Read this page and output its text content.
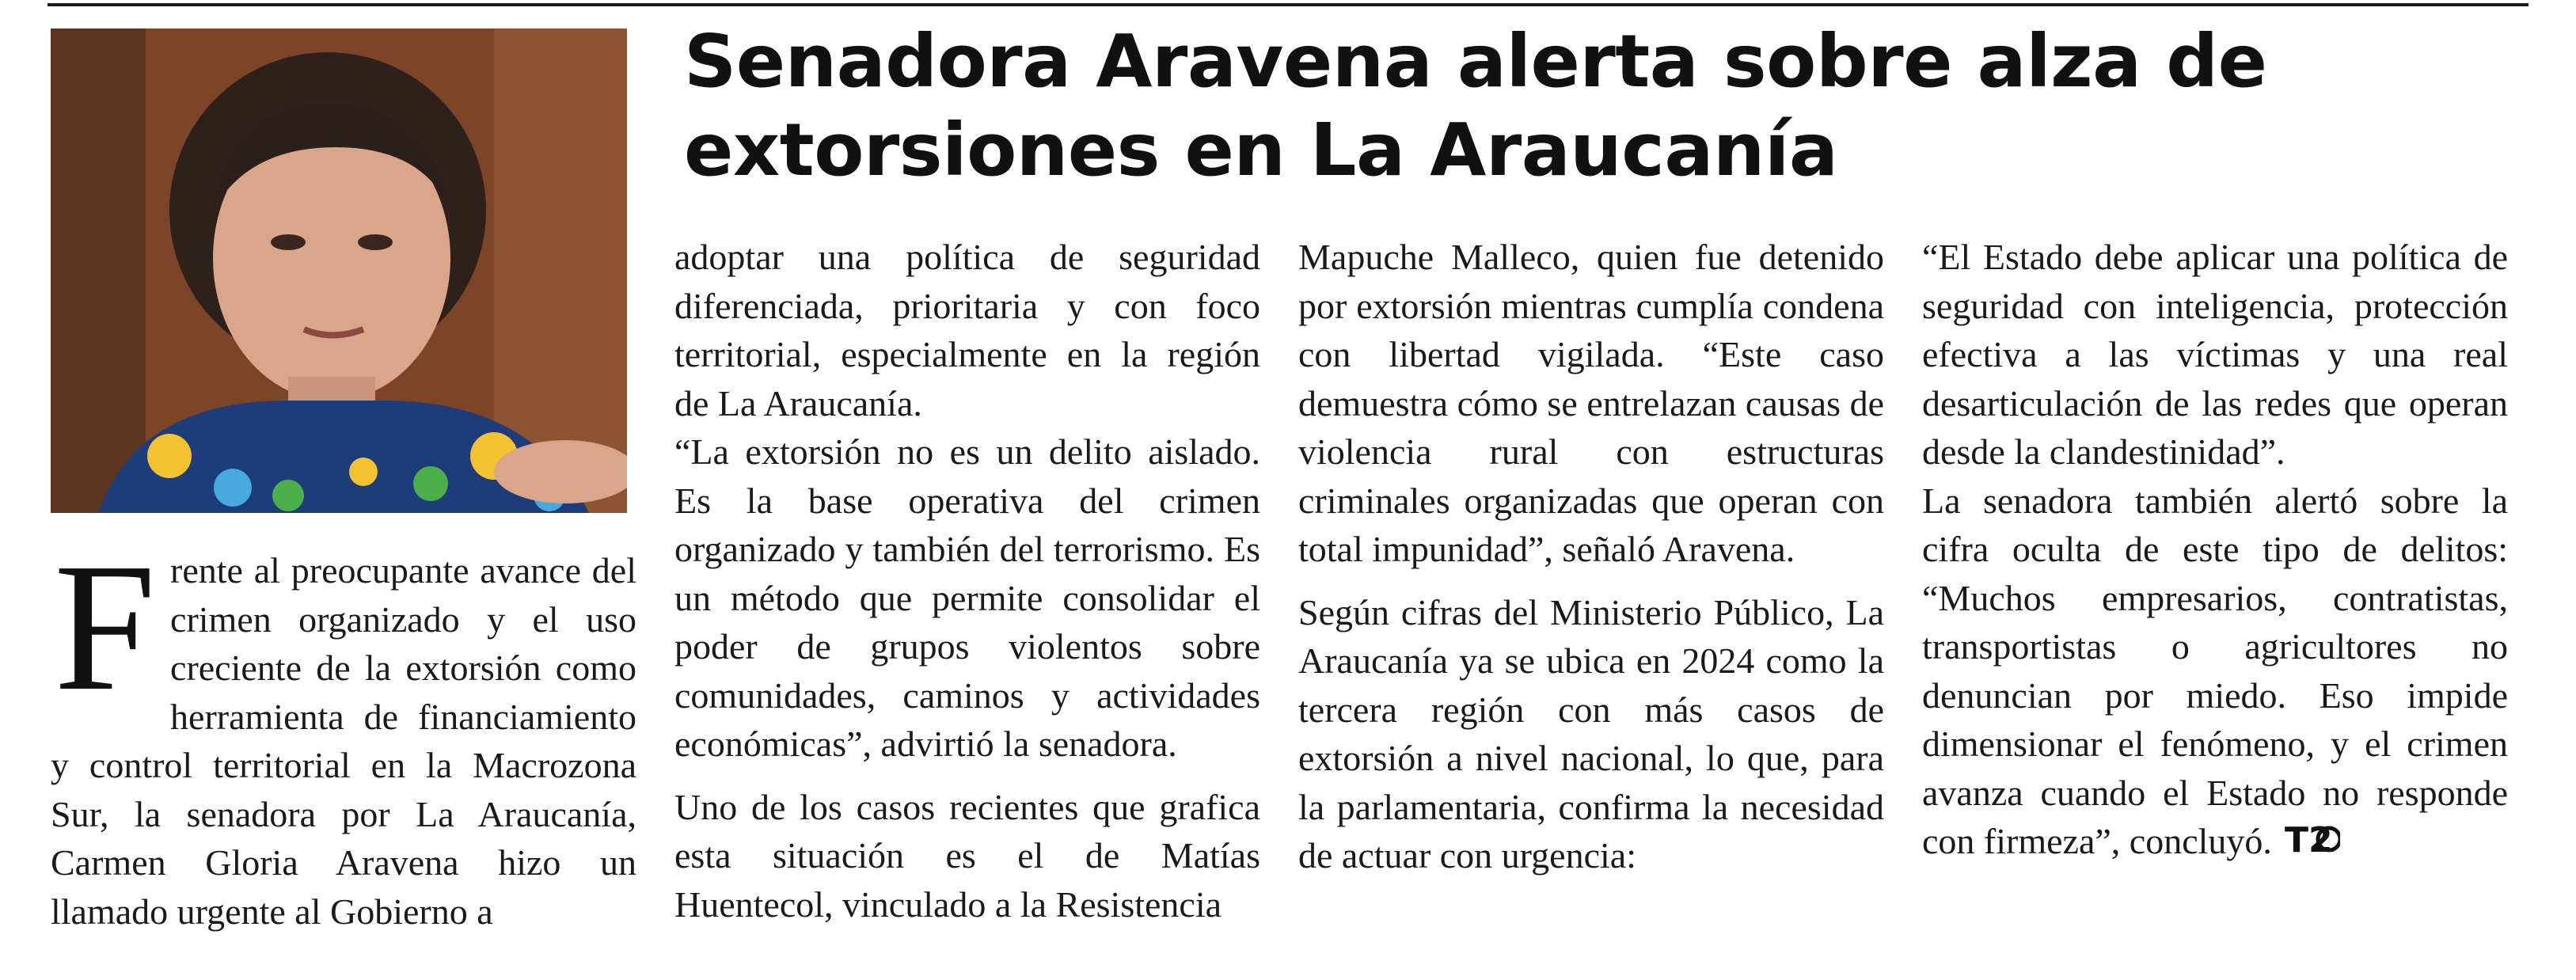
Senadora Aravena alerta sobre alza de extorsiones en La Araucanía

Frente al preocupante avance del crimen organizado y el uso creciente de la extorsión como herramienta de financiamiento y control territorial en la Macrozona Sur, la senadora por La Araucanía, Carmen Gloria Aravena hizo un llamado urgente al Gobierno a

adoptar una política de seguridad diferenciada, prioritaria y con foco territorial, especialmente en la región de La Araucanía.

“La extorsión no es un delito aislado. Es la base operativa del crimen organizado y también del terrorismo. Es un método que permite consolidar el poder de grupos violentos sobre comunidades, caminos y actividades económicas”, advirtió la senadora.

Uno de los casos recientes que grafica esta situación es el de Matías Huentecol, vinculado a la Resistencia

Mapuche Malleco, quien fue detenido por extorsión mientras cumplía condena con libertad vigilada. “Este caso demuestra cómo se entrelazan causas de violencia rural con estructuras criminales organizadas que operan con total impunidad”, señaló Aravena.

Según cifras del Ministerio Público, La Araucanía ya se ubica en 2024 como la tercera región con más casos de extorsión a nivel nacional, lo que, para la parlamentaria, confirma la necesidad de actuar con urgencia:

“El Estado debe aplicar una política de seguridad con inteligencia, protección efectiva a las víctimas y una real desarticulación de las redes que operan desde la clandestinidad”.

La senadora también alertó sobre la cifra oculta de este tipo de delitos: “Muchos empresarios, contratistas, transportistas o agricultores no denuncian por miedo. Eso impide dimensionar el fenómeno, y el crimen avanza cuando el Estado no responde con firmeza”, concluyó. T2
